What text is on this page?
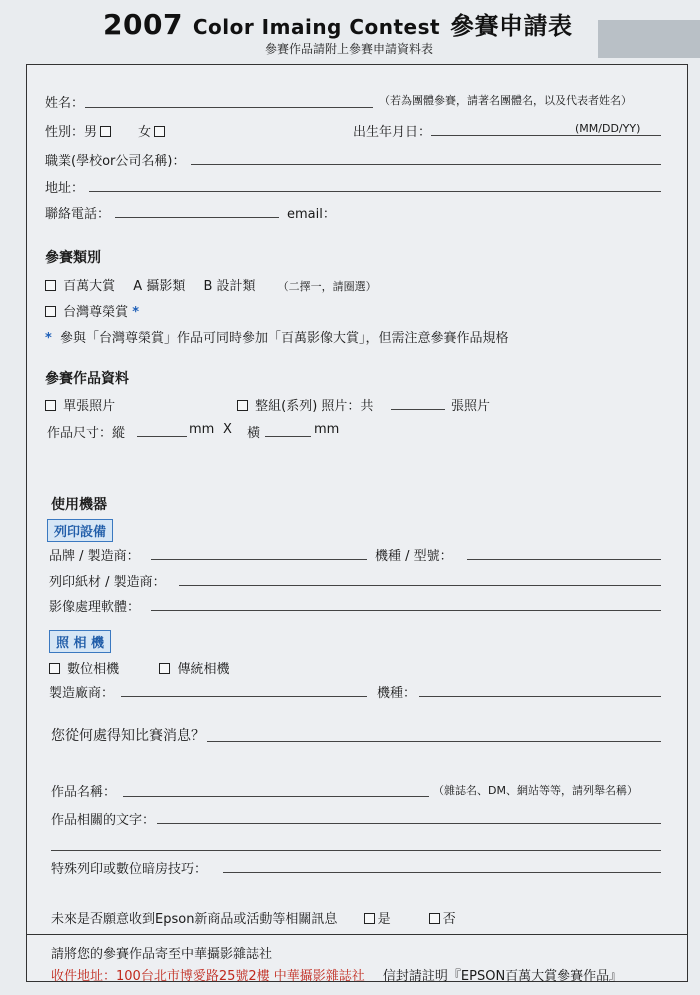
2007 Color Imaing Contest 參賽申請表
參賽作品請附上參賽申請資料表
姓名：	（若為團體參賽，請著名團體名，以及代表者姓名）
性別：男	女	出生年月日：	(MM/DD/YY)
職業(學校or公司名稱)：
地址：
聯絡電話：	email：
參賽類別
百萬大賞 A 攝影類 B 設計類 （二擇一，請圈選）
台灣尊榮賞 *
* 參與「台灣尊榮賞」作品可同時參加「百萬影像大賞」，但需注意參賽作品規格
參賽作品資料
單張照片	整組(系列) 照片：共	張照片
作品尺寸：縱	mm X 橫	mm
使用機器
列印設備
品牌 / 製造商：	機種 / 型號：
列印紙材 / 製造商：
影像處理軟體：
照 相 機
數位相機	傳統相機
製造廠商：	機種：
您從何處得知比賽消息？
作品名稱：	（雜誌名、DM、網站等等，請列舉名稱）
作品相關的文字：
特殊列印或數位暗房技巧：
未來是否願意收到Epson新商品或活動等相關訊息	是	否
請將您的參賽作品寄至中華攝影雜誌社
收件地址：100台北市博愛路25號2樓 中華攝影雜誌社 信封請註明『EPSON百萬大賞參賽作品』
